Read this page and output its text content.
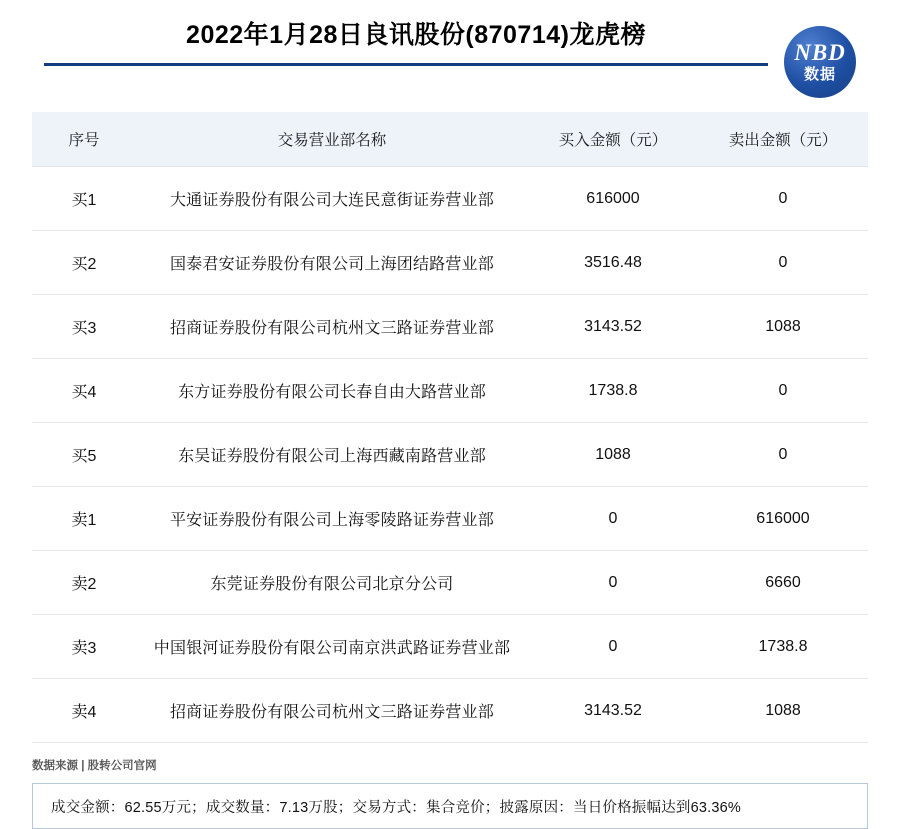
2022年1月28日良讯股份(870714)龙虎榜
NBD
数据
序号	交易营业部名称	买入金额（元）	卖出金额（元）
买1	大通证券股份有限公司大连民意街证券营业部	616000	0
买2	国泰君安证券股份有限公司上海团结路营业部	3516.48	0
买3	招商证券股份有限公司杭州文三路证券营业部	3143.52	1088
买4	东方证券股份有限公司长春自由大路营业部	1738.8	0
买5	东吴证券股份有限公司上海西藏南路营业部	1088	0
卖1	平安证券股份有限公司上海零陵路证券营业部	0	616000
卖2	东莞证券股份有限公司北京分公司	0	6660
卖3	中国银河证券股份有限公司南京洪武路证券营业部	0	1738.8
卖4	招商证券股份有限公司杭州文三路证券营业部	3143.52	1088
数据来源 | 股转公司官网
成交金额：62.55万元；成交数量：7.13万股；交易方式：集合竞价；披露原因：当日价格振幅达到63.36%
